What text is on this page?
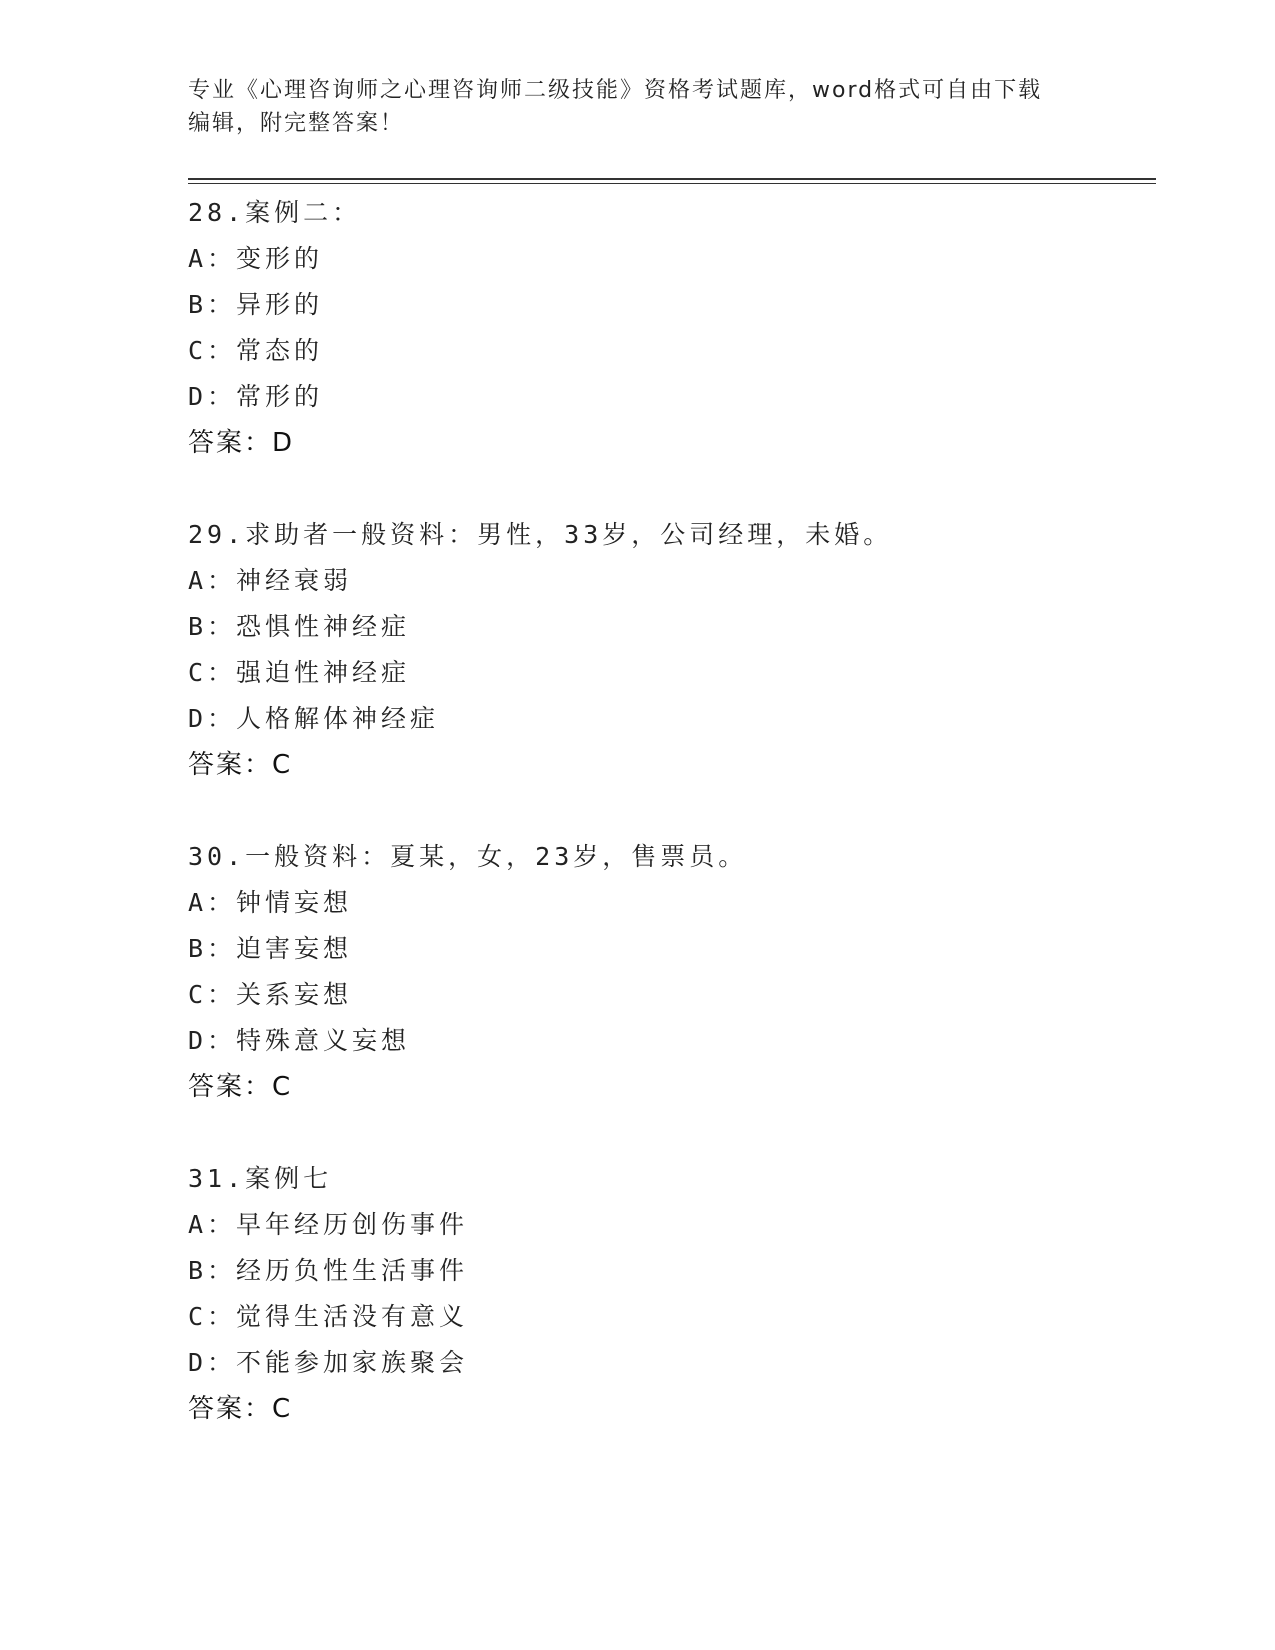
专业《心理咨询师之心理咨询师二级技能》资格考试题库，word格式可自由下载
编辑，附完整答案！
28.案例二：
A：变形的
B：异形的
C：常态的
D：常形的
答案：D
29.求助者一般资料：男性，33岁，公司经理，未婚。
A：神经衰弱
B：恐惧性神经症
C：强迫性神经症
D：人格解体神经症
答案：C
30.一般资料：夏某，女，23岁，售票员。
A：钟情妄想
B：迫害妄想
C：关系妄想
D：特殊意义妄想
答案：C
31.案例七
A：早年经历创伤事件
B：经历负性生活事件
C：觉得生活没有意义
D：不能参加家族聚会
答案：C
